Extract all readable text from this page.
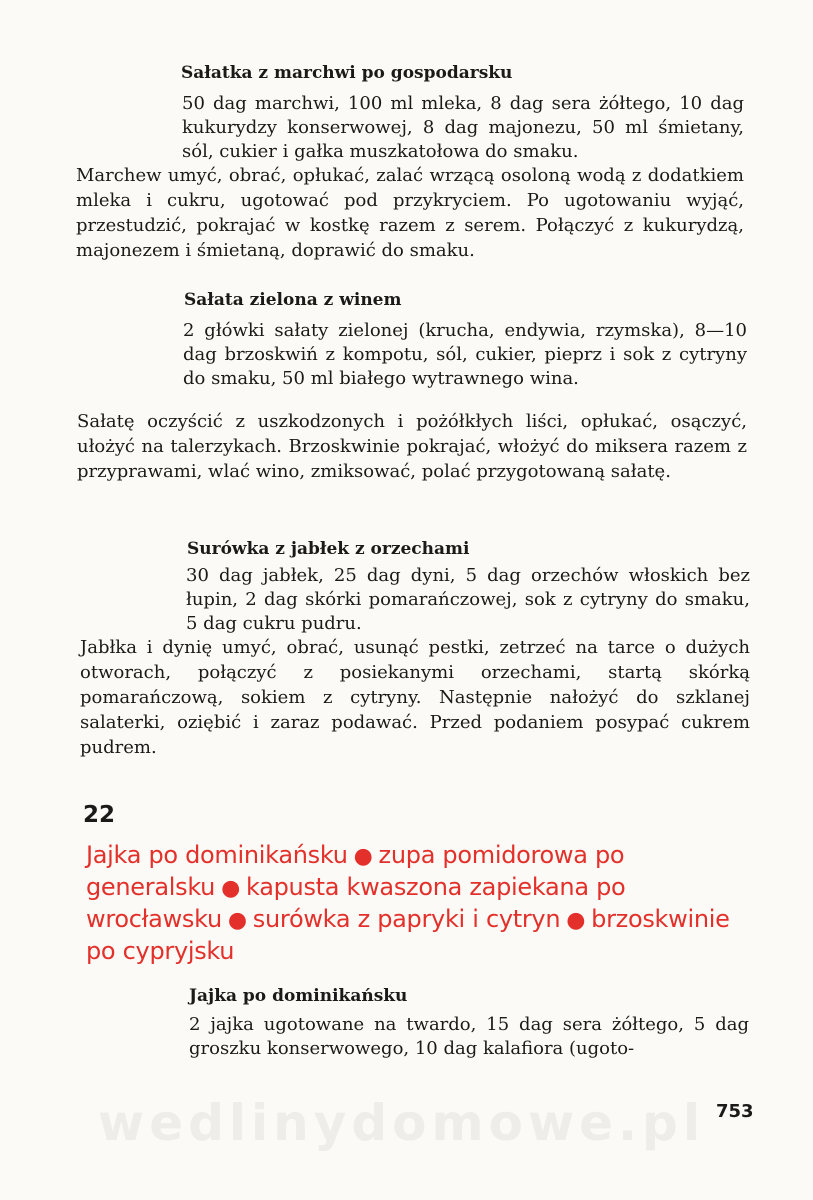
Sałatka z marchwi po gospodarsku
50 dag marchwi, 100 ml mleka, 8 dag sera żółtego, 10 dag kukurydzy konserwowej, 8 dag majonezu, 50 ml śmietany, sól, cukier i gałka muszkatołowa do smaku.
Marchew umyć, obrać, opłukać, zalać wrzącą osoloną wodą z dodatkiem mleka i cukru, ugotować pod przykryciem. Po ugotowaniu wyjąć, przestudzić, pokrajać w kostkę razem z serem. Połączyć z kukurydzą, majonezem i śmietaną, doprawić do smaku.
Sałata zielona z winem
2 główki sałaty zielonej (krucha, endywia, rzymska), 8—10 dag brzoskwiń z kompotu, sól, cukier, pieprz i sok z cytryny do smaku, 50 ml białego wytrawnego wina.
Sałatę oczyścić z uszkodzonych i pożółkłych liści, opłukać, osączyć, ułożyć na talerzykach. Brzoskwinie pokrajać, włożyć do miksera razem z przyprawami, wlać wino, zmiksować, polać przygotowaną sałatę.
Surówka z jabłek z orzechami
30 dag jabłek, 25 dag dyni, 5 dag orzechów włoskich bez łupin, 2 dag skórki pomarańczowej, sok z cytryny do smaku, 5 dag cukru pudru.
Jabłka i dynię umyć, obrać, usunąć pestki, zetrzeć na tarce o dużych otworach, połączyć z posiekanymi orzechami, startą skórką pomarańczową, sokiem z cytryny. Następnie nałożyć do szklanej salaterki, oziębić i zaraz podawać. Przed podaniem posypać cukrem pudrem.
22
Jajka po dominikańsku ● zupa pomidorowa po generalsku ● kapusta kwaszona zapiekana po wrocławsku ● surówka z papryki i cytryn ● brzoskwinie po cypryjsku
Jajka po dominikańsku
2 jajka ugotowane na twardo, 15 dag sera żółtego, 5 dag groszku konserwowego, 10 dag kalafiora (ugoto-
wedlinydomowe.pl 753
